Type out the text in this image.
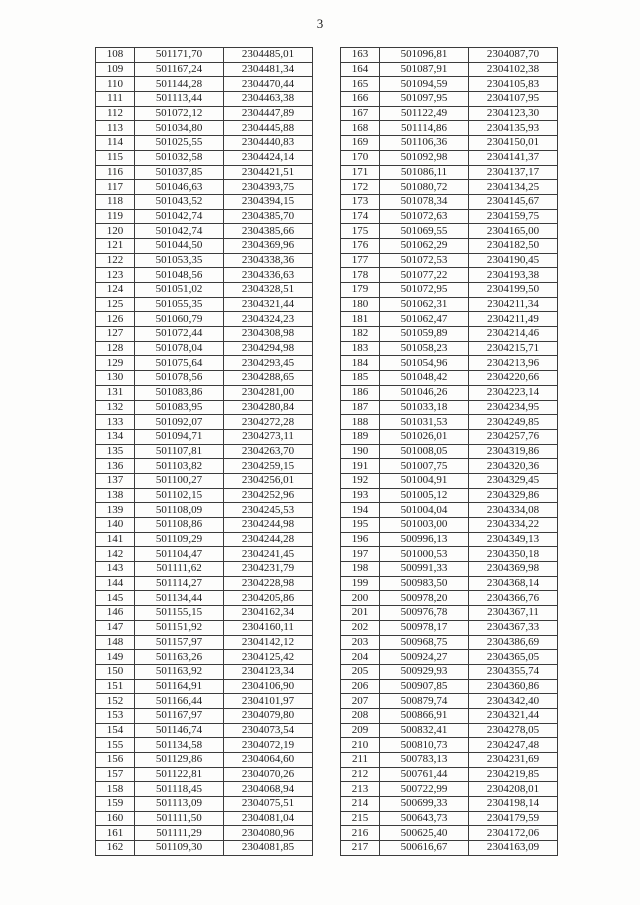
3
108	501171,70	2304485,01
109	501167,24	2304481,34
110	501144,28	2304470,44
111	501113,44	2304463,38
112	501072,12	2304447,89
113	501034,80	2304445,88
114	501025,55	2304440,83
115	501032,58	2304424,14
116	501037,85	2304421,51
117	501046,63	2304393,75
118	501043,52	2304394,15
119	501042,74	2304385,70
120	501042,74	2304385,66
121	501044,50	2304369,96
122	501053,35	2304338,36
123	501048,56	2304336,63
124	501051,02	2304328,51
125	501055,35	2304321,44
126	501060,79	2304324,23
127	501072,44	2304308,98
128	501078,04	2304294,98
129	501075,64	2304293,45
130	501078,56	2304288,65
131	501083,86	2304281,00
132	501083,95	2304280,84
133	501092,07	2304272,28
134	501094,71	2304273,11
135	501107,81	2304263,70
136	501103,82	2304259,15
137	501100,27	2304256,01
138	501102,15	2304252,96
139	501108,09	2304245,53
140	501108,86	2304244,98
141	501109,29	2304244,28
142	501104,47	2304241,45
143	501111,62	2304231,79
144	501114,27	2304228,98
145	501134,44	2304205,86
146	501155,15	2304162,34
147	501151,92	2304160,11
148	501157,97	2304142,12
149	501163,26	2304125,42
150	501163,92	2304123,34
151	501164,91	2304106,90
152	501166,44	2304101,97
153	501167,97	2304079,80
154	501146,74	2304073,54
155	501134,58	2304072,19
156	501129,86	2304064,60
157	501122,81	2304070,26
158	501118,45	2304068,94
159	501113,09	2304075,51
160	501111,50	2304081,04
161	501111,29	2304080,96
162	501109,30	2304081,85
163	501096,81	2304087,70
164	501087,91	2304102,38
165	501094,59	2304105,83
166	501097,95	2304107,95
167	501122,49	2304123,30
168	501114,86	2304135,93
169	501106,36	2304150,01
170	501092,98	2304141,37
171	501086,11	2304137,17
172	501080,72	2304134,25
173	501078,34	2304145,67
174	501072,63	2304159,75
175	501069,55	2304165,00
176	501062,29	2304182,50
177	501072,53	2304190,45
178	501077,22	2304193,38
179	501072,95	2304199,50
180	501062,31	2304211,34
181	501062,47	2304211,49
182	501059,89	2304214,46
183	501058,23	2304215,71
184	501054,96	2304213,96
185	501048,42	2304220,66
186	501046,26	2304223,14
187	501033,18	2304234,95
188	501031,53	2304249,85
189	501026,01	2304257,76
190	501008,05	2304319,86
191	501007,75	2304320,36
192	501004,91	2304329,45
193	501005,12	2304329,86
194	501004,04	2304334,08
195	501003,00	2304334,22
196	500996,13	2304349,13
197	501000,53	2304350,18
198	500991,33	2304369,98
199	500983,50	2304368,14
200	500978,20	2304366,76
201	500976,78	2304367,11
202	500978,17	2304367,33
203	500968,75	2304386,69
204	500924,27	2304365,05
205	500929,93	2304355,74
206	500907,85	2304360,86
207	500879,74	2304342,40
208	500866,91	2304321,44
209	500832,41	2304278,05
210	500810,73	2304247,48
211	500783,13	2304231,69
212	500761,44	2304219,85
213	500722,99	2304208,01
214	500699,33	2304198,14
215	500643,73	2304179,59
216	500625,40	2304172,06
217	500616,67	2304163,09
